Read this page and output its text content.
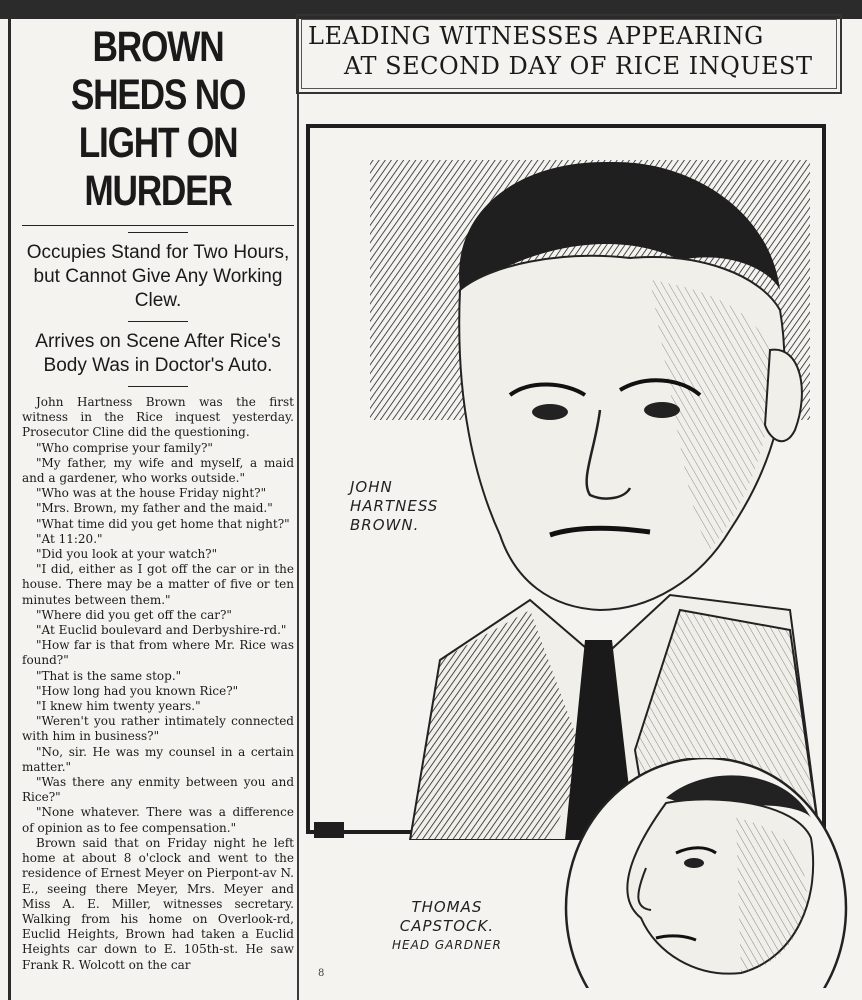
BROWN SHEDS NO
LIGHT ON MURDER

Occupies Stand for Two Hours, but Cannot Give Any Working Clew.

Arrives on Scene After Rice's Body Was in Doctor's Auto.

John Hartness Brown was the first witness in the Rice inquest yesterday. Prosecutor Cline did the questioning.

"Who comprise your family?"

"My father, my wife and myself, a maid and a gardener, who works outside."

"Who was at the house Friday night?"

"Mrs. Brown, my father and the maid."

"What time did you get home that night?"

"At 11:20."

"Did you look at your watch?"

"I did, either as I got off the car or in the house. There may be a matter of five or ten minutes between them."

"Where did you get off the car?"

"At Euclid boulevard and Derbyshire-rd."

"How far is that from where Mr. Rice was found?"

"That is the same stop."

"How long had you known Rice?"

"I knew him twenty years."

"Weren't you rather intimately connected with him in business?"

"No, sir. He was my counsel in a certain matter."

"Was there any enmity between you and Rice?"

"None whatever. There was a difference of opinion as to fee compensation."

Brown said that on Friday night he left home at about 8 o'clock and went to the residence of Ernest Meyer on Pierpont-av N. E., seeing there Meyer, Mrs. Meyer and Miss A. E. Miller, witnesses secretary. Walking from his home on Overlook-rd, Euclid Heights, Brown had taken a Euclid Heights car down to E. 105th-st. He saw Frank R. Wolcott on the car

LEADING WITNESSES APPEARING
AT SECOND DAY OF RICE INQUEST
JOHN
HARTNESS
BROWN.
THOMAS
CAPSTOCK.
HEAD GARDNER
8
